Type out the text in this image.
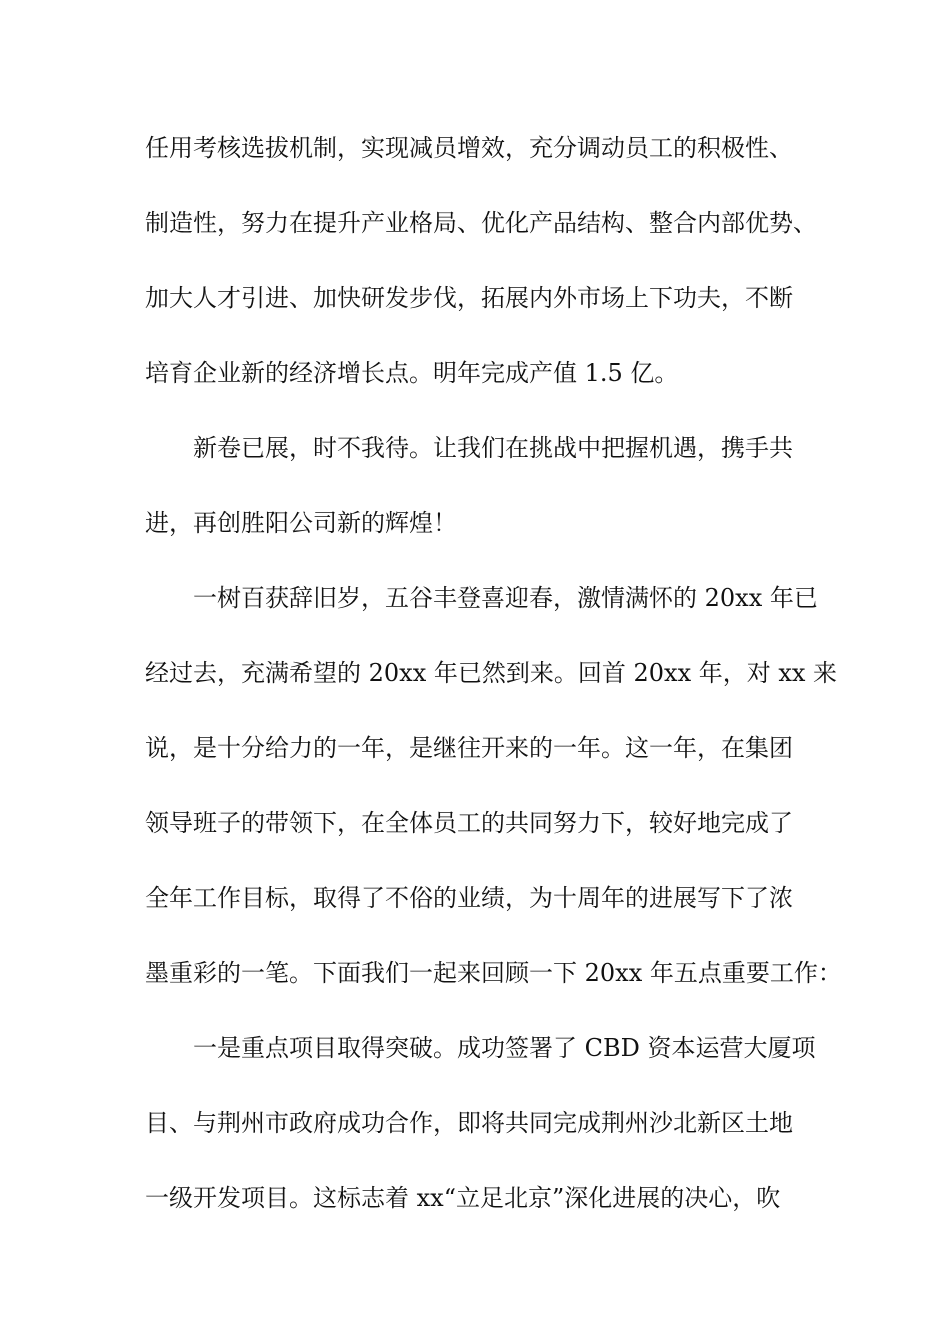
任用考核选拔机制，实现减员增效，充分调动员工的积极性、
制造性，努力在提升产业格局、优化产品结构、整合内部优势、
加大人才引进、加快研发步伐，拓展内外市场上下功夫，不断
培育企业新的经济增长点。明年完成产值 1.5 亿。
新卷已展，时不我待。让我们在挑战中把握机遇，携手共
进，再创胜阳公司新的辉煌！
一树百获辞旧岁，五谷丰登喜迎春，激情满怀的 20xx 年已
经过去，充满希望的 20xx 年已然到来。回首 20xx 年，对 xx 来
说，是十分给力的一年，是继往开来的一年。这一年，在集团
领导班子的带领下，在全体员工的共同努力下，较好地完成了
全年工作目标，取得了不俗的业绩，为十周年的进展写下了浓
墨重彩的一笔。下面我们一起来回顾一下 20xx 年五点重要工作：
一是重点项目取得突破。成功签署了 CBD 资本运营大厦项
目、与荆州市政府成功合作，即将共同完成荆州沙北新区土地
一级开发项目。这标志着 xx“立足北京”深化进展的决心，吹
